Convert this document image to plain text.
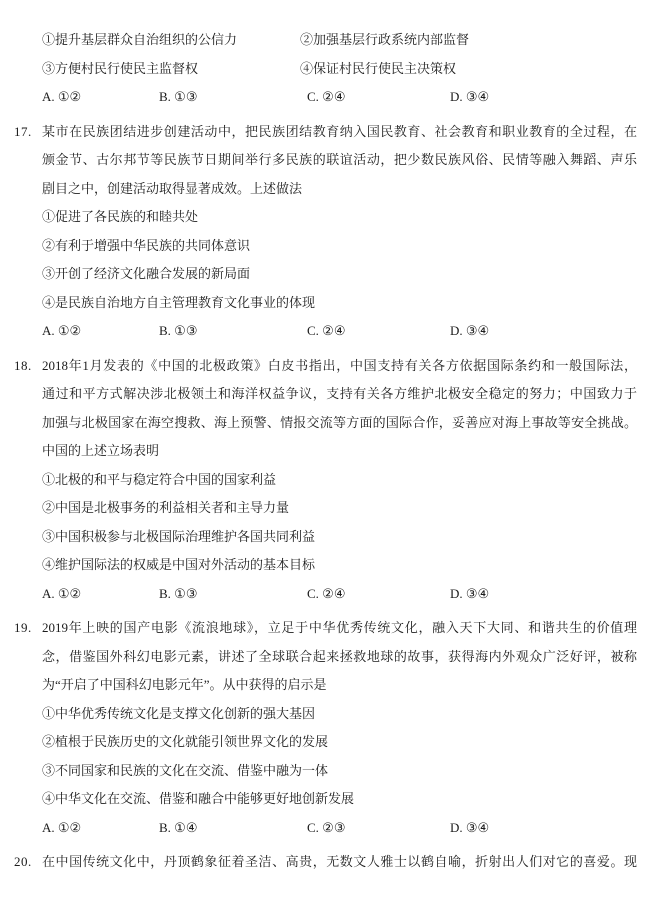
①提升基层群众自治组织的公信力	②加强基层行政系统内部监督
③方便村民行使民主监督权	④保证村民行使民主决策权
A. ①②	B. ①③	C. ②④	D. ③④
17. 某市在民族团结进步创建活动中，把民族团结教育纳入国民教育、社会教育和职业教育的全过程，在
颁金节、古尔邦节等民族节日期间举行多民族的联谊活动，把少数民族风俗、民情等融入舞蹈、声乐
剧目之中，创建活动取得显著成效。上述做法
①促进了各民族的和睦共处
②有利于增强中华民族的共同体意识
③开创了经济文化融合发展的新局面
④是民族自治地方自主管理教育文化事业的体现
A. ①②	B. ①③	C. ②④	D. ③④
18. 2018年1月发表的《中国的北极政策》白皮书指出，中国支持有关各方依据国际条约和一般国际法，
通过和平方式解决涉北极领土和海洋权益争议，支持有关各方维护北极安全稳定的努力；中国致力于
加强与北极国家在海空搜救、海上预警、情报交流等方面的国际合作，妥善应对海上事故等安全挑战。
中国的上述立场表明
①北极的和平与稳定符合中国的国家利益
②中国是北极事务的利益相关者和主导力量
③中国积极参与北极国际治理维护各国共同利益
④维护国际法的权威是中国对外活动的基本目标
A. ①②	B. ①③	C. ②④	D. ③④
19. 2019年上映的国产电影《流浪地球》，立足于中华优秀传统文化，融入天下大同、和谐共生的价值理
念，借鉴国外科幻电影元素，讲述了全球联合起来拯救地球的故事，获得海内外观众广泛好评，被称
为“开启了中国科幻电影元年”。从中获得的启示是
①中华优秀传统文化是支撑文化创新的强大基因
②植根于民族历史的文化就能引领世界文化的发展
③不同国家和民族的文化在交流、借鉴中融为一体
④中华文化在交流、借鉴和融合中能够更好地创新发展
A. ①②	B. ①④	C. ②③	D. ③④
20. 在中国传统文化中，丹顶鹤象征着圣洁、高贵，无数文人雅士以鹤自喻，折射出人们对它的喜爱。现
